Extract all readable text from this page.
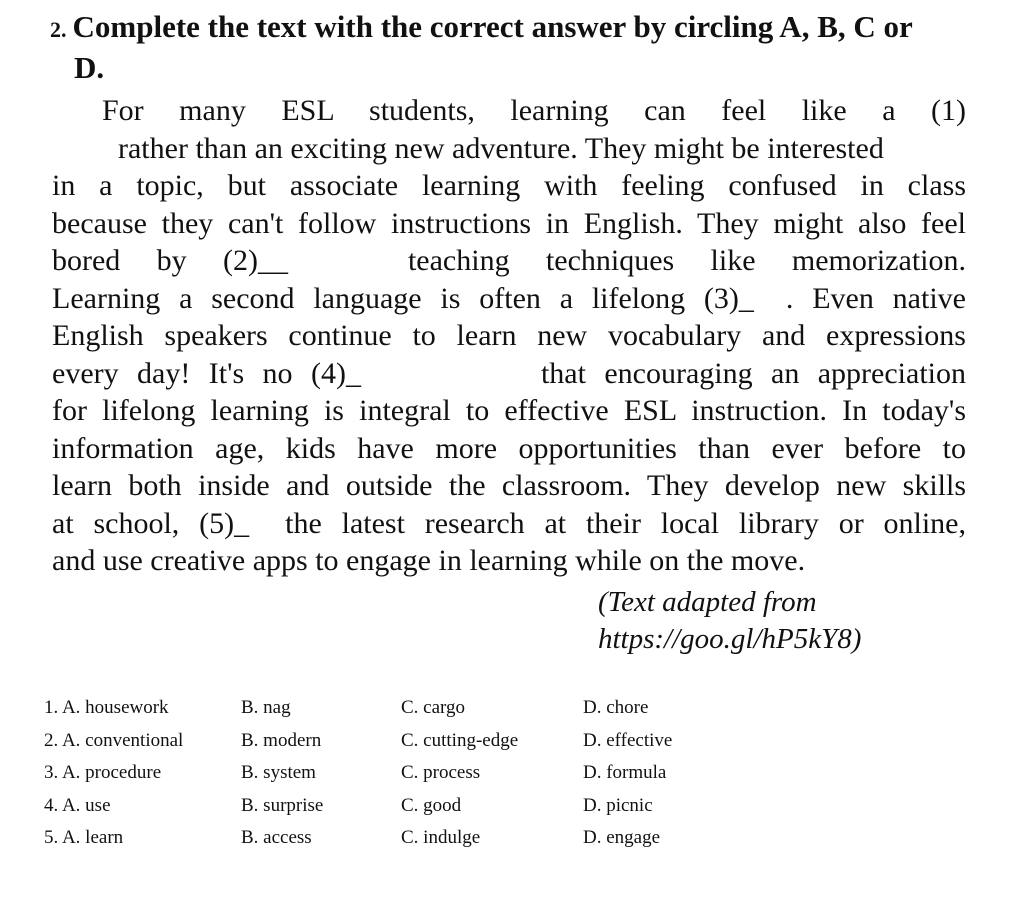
2. Complete the text with the correct answer by circling A, B, C or
D.
For many ESL students, learning can feel like a (1)
rather than an exciting new adventure. They might be interested
in a topic, but associate learning with feeling confused in class
because they can't follow instructions in English. They might also feel
bored by (2)__	teaching techniques like memorization.
Learning a second language is often a lifelong (3)_ . Even native
English speakers continue to learn new vocabulary and expressions
every day! It's no (4)_	that encouraging an appreciation
for lifelong learning is integral to effective ESL instruction. In today's
information age, kids have more opportunities than ever before to
learn both inside and outside the classroom. They develop new skills
at school, (5)_ the latest research at their local library or online,
and use creative apps to engage in learning while on the move.
(Text adapted from
https://goo.gl/hP5kY8)
1. A. housework	B. nag	C. cargo	D. chore
2. A. conventional	B. modern	C. cutting-edge	D. effective
3. A. procedure	B. system	C. process	D. formula
4. A. use	B. surprise	C. good	D. picnic
5. A. learn	B. access	C. indulge	D. engage
